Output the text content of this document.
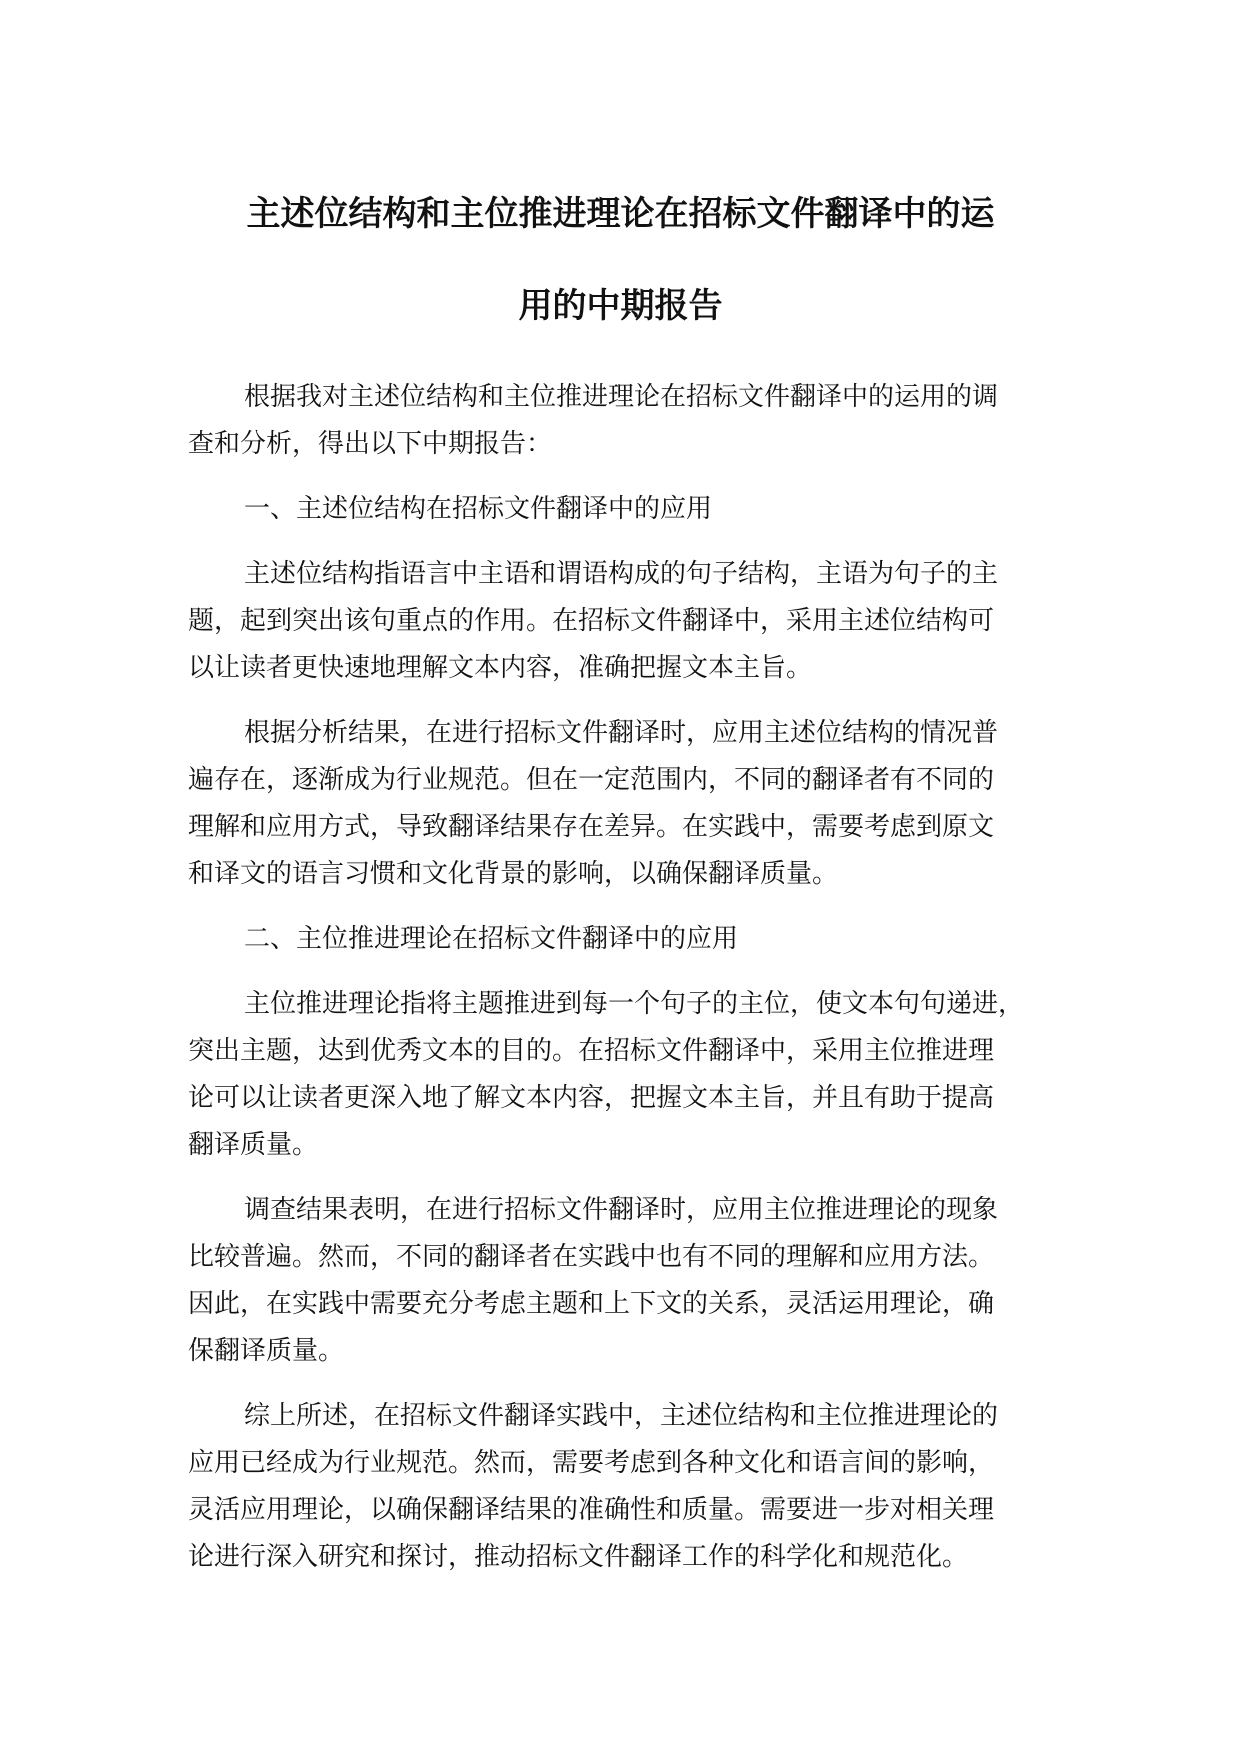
主述位结构和主位推进理论在招标文件翻译中的运
用的中期报告
根据我对主述位结构和主位推进理论在招标文件翻译中的运用的调
查和分析，得出以下中期报告：
一、主述位结构在招标文件翻译中的应用
主述位结构指语言中主语和谓语构成的句子结构，主语为句子的主
题，起到突出该句重点的作用。在招标文件翻译中，采用主述位结构可
以让读者更快速地理解文本内容，准确把握文本主旨。
根据分析结果，在进行招标文件翻译时，应用主述位结构的情况普
遍存在，逐渐成为行业规范。但在一定范围内，不同的翻译者有不同的
理解和应用方式，导致翻译结果存在差异。在实践中，需要考虑到原文
和译文的语言习惯和文化背景的影响，以确保翻译质量。
二、主位推进理论在招标文件翻译中的应用
主位推进理论指将主题推进到每一个句子的主位，使文本句句递进，
突出主题，达到优秀文本的目的。在招标文件翻译中，采用主位推进理
论可以让读者更深入地了解文本内容，把握文本主旨，并且有助于提高
翻译质量。
调查结果表明，在进行招标文件翻译时，应用主位推进理论的现象
比较普遍。然而，不同的翻译者在实践中也有不同的理解和应用方法。
因此，在实践中需要充分考虑主题和上下文的关系，灵活运用理论，确
保翻译质量。
综上所述，在招标文件翻译实践中，主述位结构和主位推进理论的
应用已经成为行业规范。然而，需要考虑到各种文化和语言间的影响，
灵活应用理论，以确保翻译结果的准确性和质量。需要进一步对相关理
论进行深入研究和探讨，推动招标文件翻译工作的科学化和规范化。
